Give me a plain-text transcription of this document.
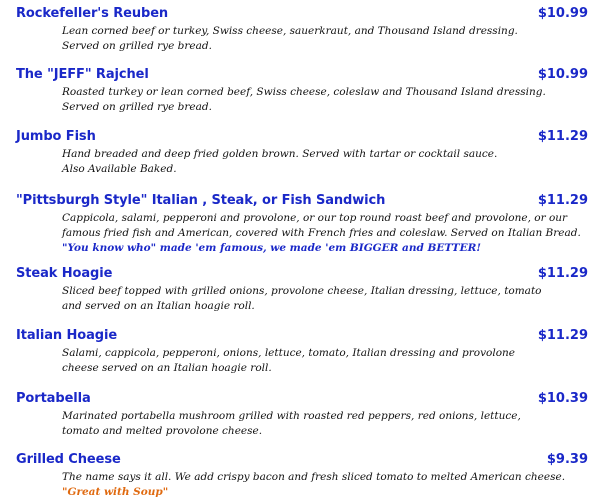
Rockefeller's Reuben	$10.99
Lean corned beef or turkey, Swiss cheese, sauerkraut, and Thousand Island dressing.
Served on grilled rye bread.
The "JEFF" Rajchel	$10.99
Roasted turkey or lean corned beef, Swiss cheese, coleslaw and Thousand Island dressing.
Served on grilled rye bread.
Jumbo Fish	$11.29
Hand breaded and deep fried golden brown. Served with tartar or cocktail sauce.
Also Available Baked.
"Pittsburgh Style" Italian , Steak, or Fish Sandwich	$11.29
Cappicola, salami, pepperoni and provolone, or our top round roast beef and provolone, or our
famous fried fish and American, covered with French fries and coleslaw. Served on Italian Bread.
"You know who" made 'em famous, we made 'em BIGGER and BETTER!
Steak Hoagie	$11.29
Sliced beef topped with grilled onions, provolone cheese, Italian dressing, lettuce, tomato
and served on an Italian hoagie roll.
Italian Hoagie	$11.29
Salami, cappicola, pepperoni, onions, lettuce, tomato, Italian dressing and provolone
cheese served on an Italian hoagie roll.
Portabella	$10.39
Marinated portabella mushroom grilled with roasted red peppers, red onions, lettuce,
tomato and melted provolone cheese.
Grilled Cheese	$9.39
The name says it all. We add crispy bacon and fresh sliced tomato to melted American cheese.
"Great with Soup"
